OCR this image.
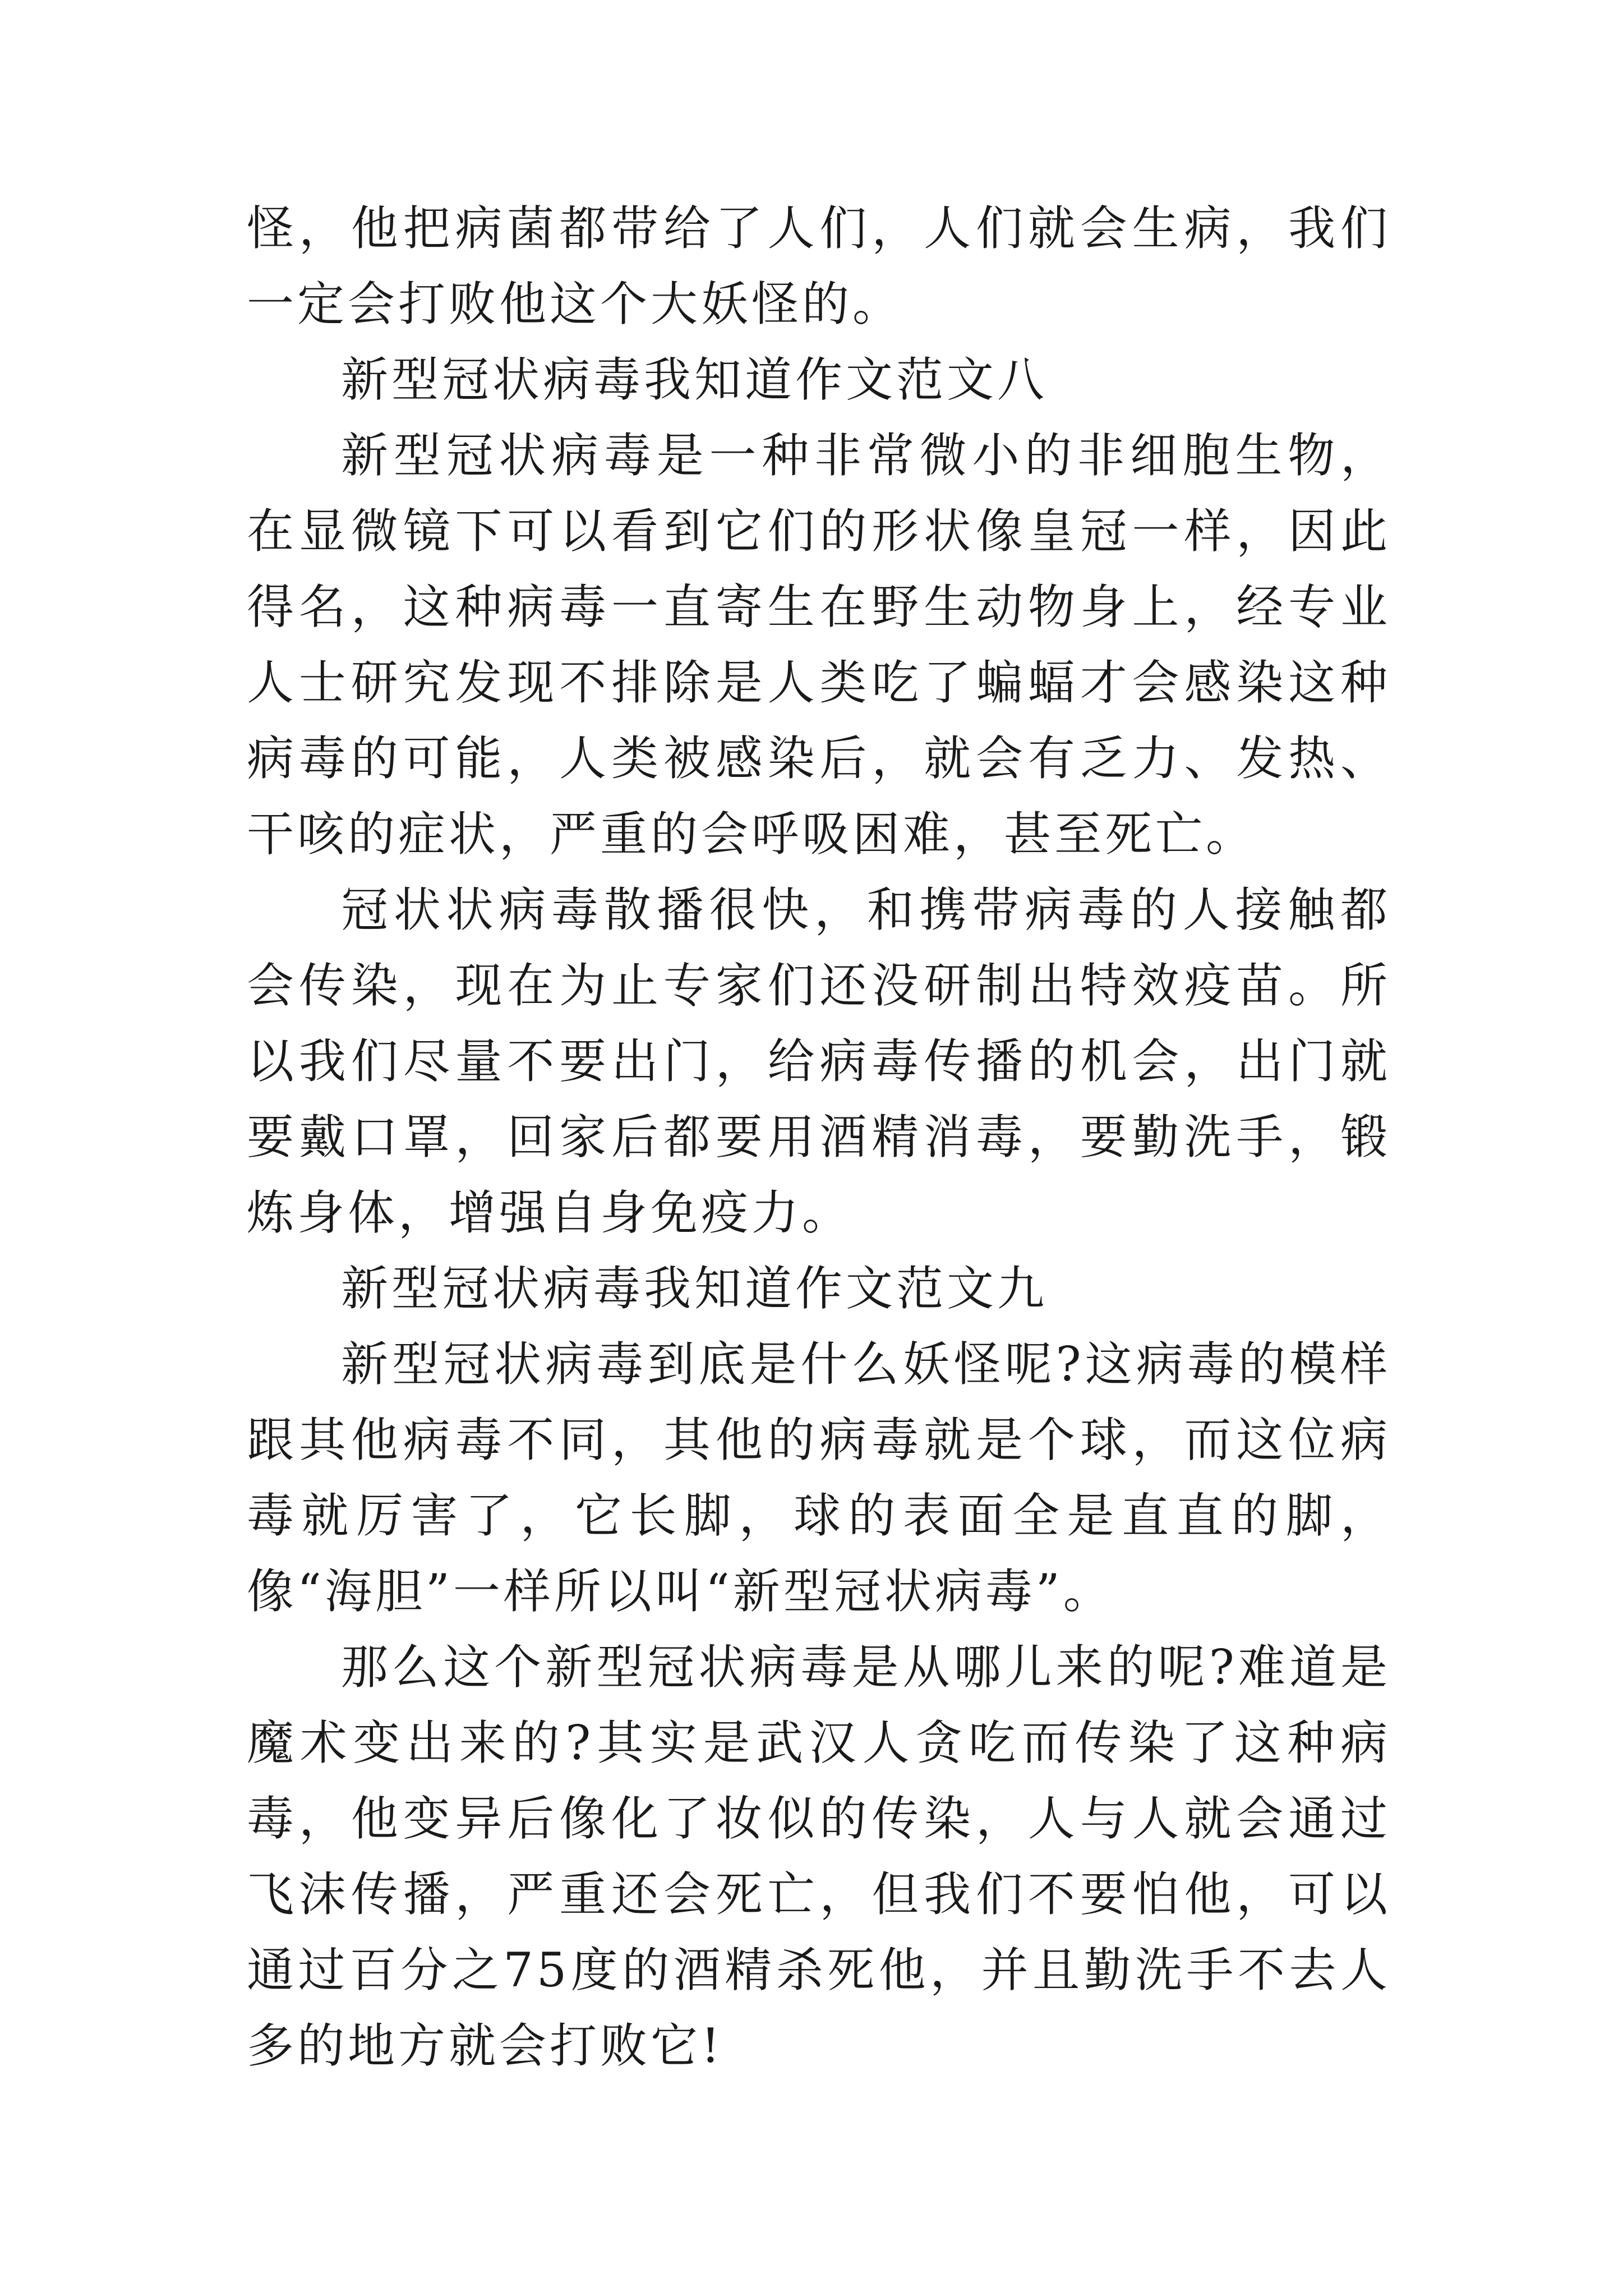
怪，他把病菌都带给了人们，人们就会生病，我们一定会打败他这个大妖怪的。

新型冠状病毒我知道作文范文八

新型冠状病毒是一种非常微小的非细胞生物，在显微镜下可以看到它们的形状像皇冠一样，因此得名，这种病毒一直寄生在野生动物身上，经专业人士研究发现不排除是人类吃了蝙蝠才会感染这种病毒的可能，人类被感染后，就会有乏力、发热、干咳的症状，严重的会呼吸困难，甚至死亡。

冠状状病毒散播很快，和携带病毒的人接触都会传染，现在为止专家们还没研制出特效疫苗。所以我们尽量不要出门，给病毒传播的机会，出门就要戴口罩，回家后都要用酒精消毒，要勤洗手，锻炼身体，增强自身免疫力。

新型冠状病毒我知道作文范文九

新型冠状病毒到底是什么妖怪呢?这病毒的模样跟其他病毒不同，其他的病毒就是个球，而这位病毒就厉害了，它长脚，球的表面全是直直的脚，像“海胆”一样所以叫“新型冠状病毒”。

那么这个新型冠状病毒是从哪儿来的呢?难道是魔术变出来的?其实是武汉人贪吃而传染了这种病毒，他变异后像化了妆似的传染，人与人就会通过飞沫传播，严重还会死亡，但我们不要怕他，可以通过百分之75度的酒精杀死他，并且勤洗手不去人多的地方就会打败它!
